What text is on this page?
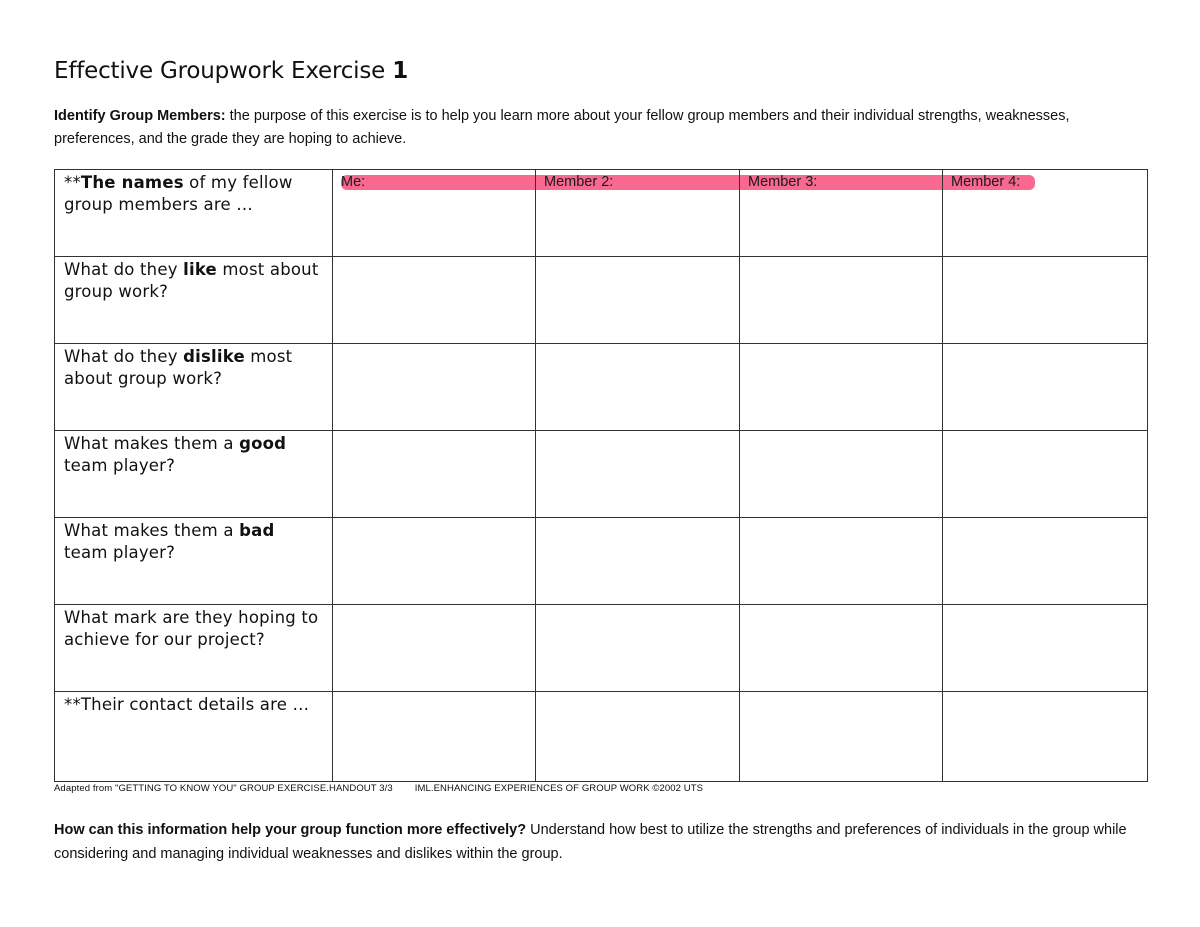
Effective Groupwork Exercise 1
Identify Group Members: the purpose of this exercise is to help you learn more about your fellow group members and their individual strengths, weaknesses, preferences, and the grade they are hoping to achieve.
**The names of my fellow group members are …	Me:	Member 2:	Member 3:	Member 4:

What do they like most about group work?				
What do they dislike most about group work?				
What makes them a good team player?				
What makes them a bad team player?				
What mark are they hoping to achieve for our project?				
**Their contact details are …				
Adapted from "GETTING TO KNOW YOU" GROUP EXERCISE.HANDOUT 3/3 IML.ENHANCING EXPERIENCES OF GROUP WORK ©2002 UTS
How can this information help your group function more effectively? Understand how best to utilize the strengths and preferences of individuals in the group while considering and managing individual weaknesses and dislikes within the group.
